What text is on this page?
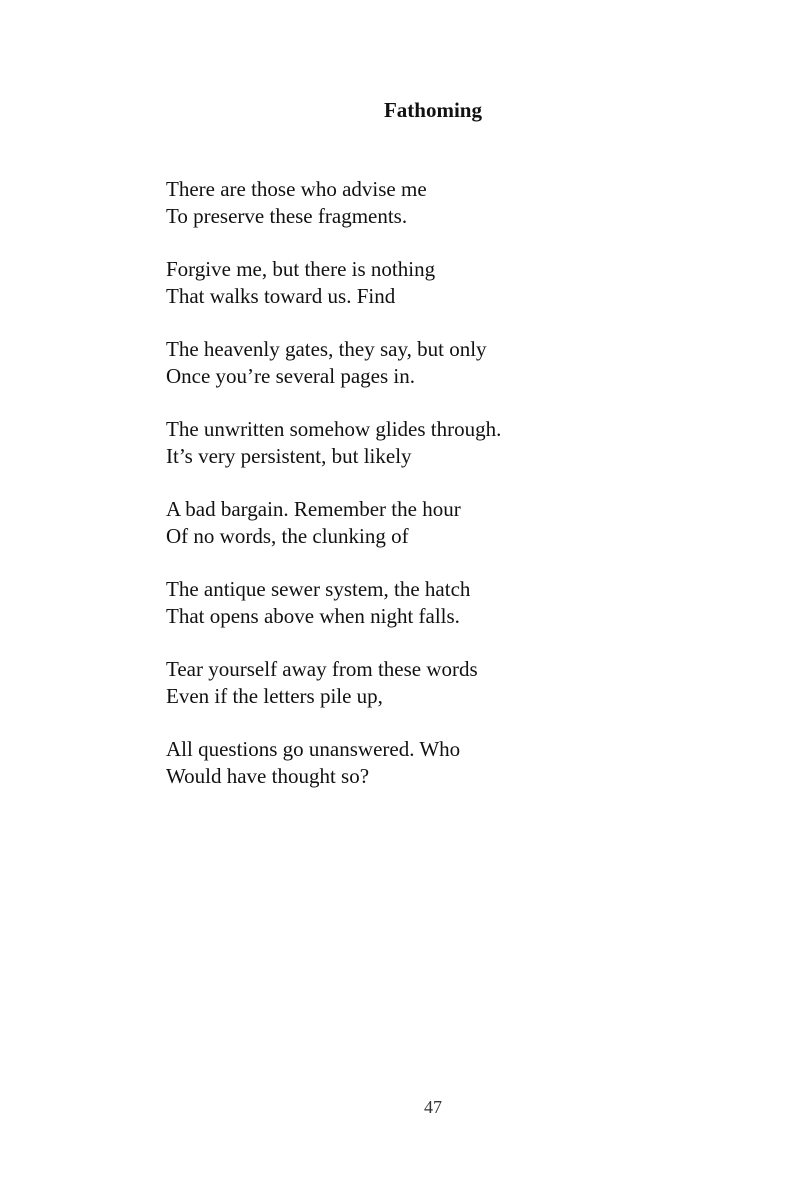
Fathoming
There are those who advise me
To preserve these fragments.
Forgive me, but there is nothing
That walks toward us. Find
The heavenly gates, they say, but only
Once you’re several pages in.
The unwritten somehow glides through.
It’s very persistent, but likely
A bad bargain. Remember the hour
Of no words, the clunking of
The antique sewer system, the hatch
That opens above when night falls.
Tear yourself away from these words
Even if the letters pile up,
All questions go unanswered. Who
Would have thought so?
47
